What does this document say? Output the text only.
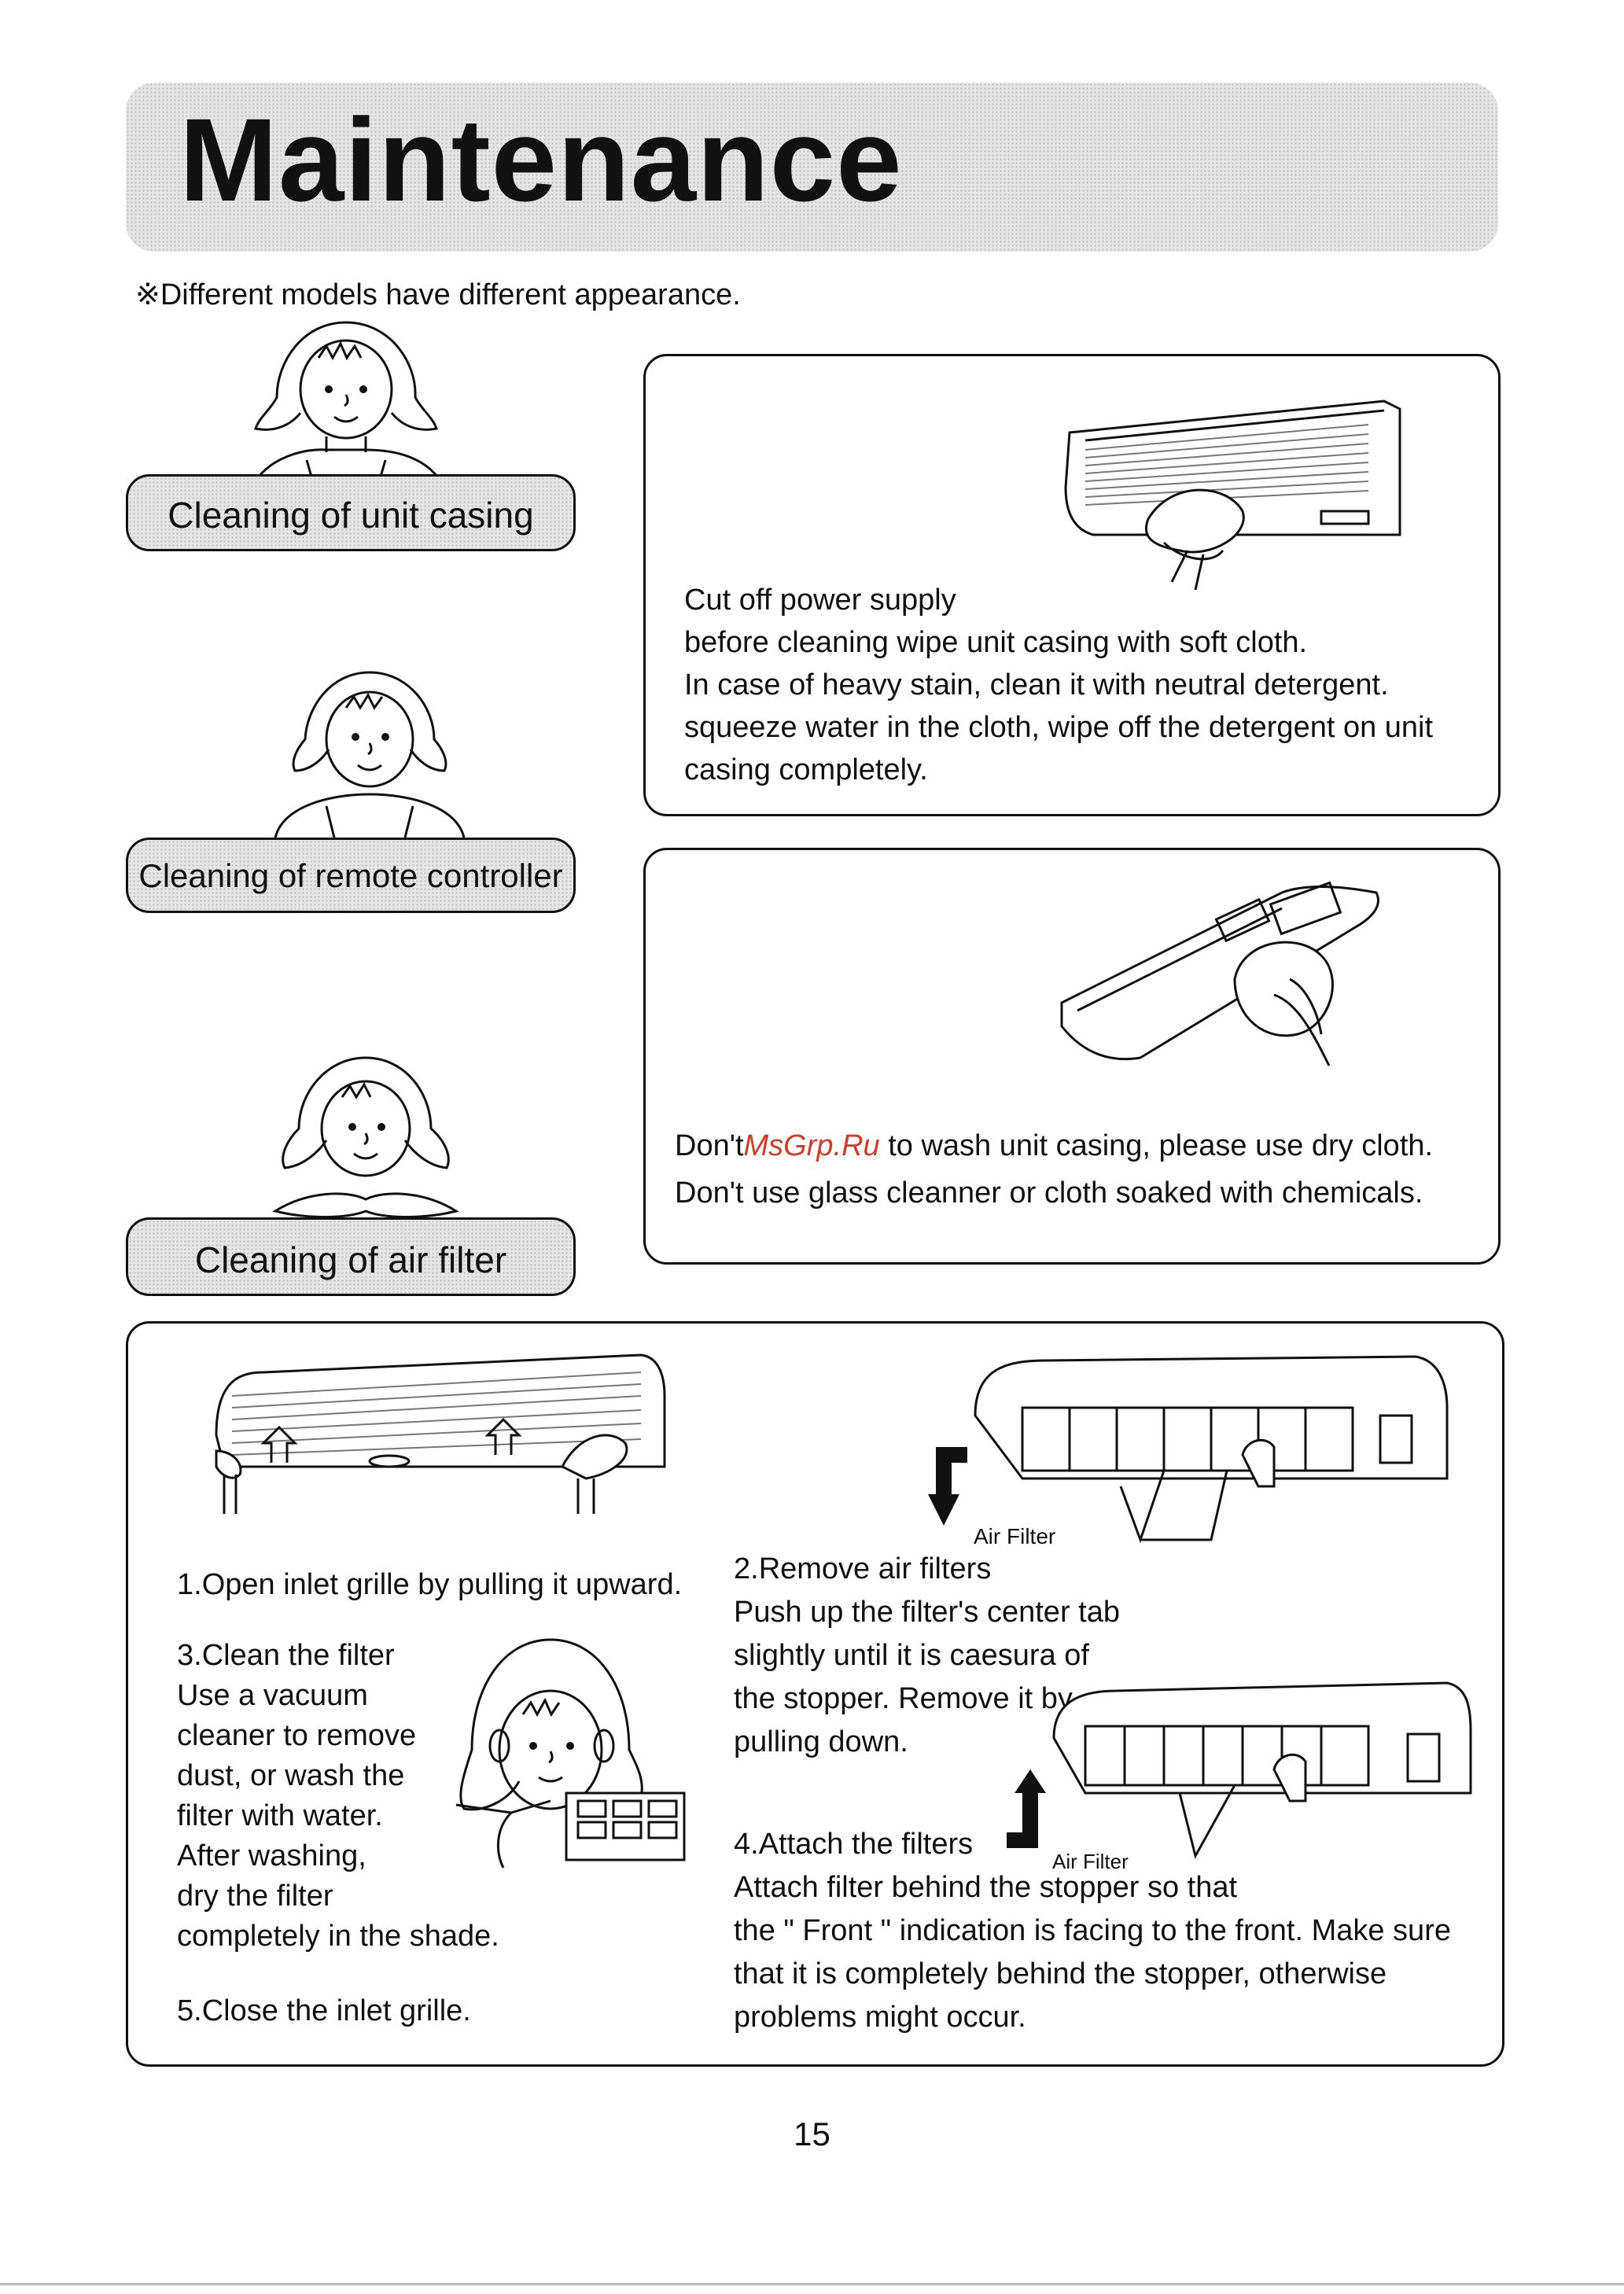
Maintenance
※Different models have different appearance.
Cleaning of unit casing
Cut off power supply
before cleaning wipe unit casing with soft cloth.
In case of heavy stain, clean it with neutral detergent.
squeeze water in the cloth, wipe off the detergent on unit
casing completely.
Cleaning of remote controller
Don'tMsGrp.Ru to wash unit casing, please use dry cloth.
Don't use glass cleanner or cloth soaked with chemicals.
Cleaning of air filter
1.Open inlet grille by pulling it upward.
Air Filter
2.Remove air filters
Push up the filter's center tab
slightly until it is caesura of
the stopper. Remove it by
pulling down.
3.Clean the filter
Use a vacuum
cleaner to remove
dust, or wash the
filter with water.
After washing,
dry the filter
completely in the shade.
Air Filter
4.Attach the filters
Attach filter behind the stopper so that
the " Front " indication is facing to the front. Make sure
that it is completely behind the stopper, otherwise
problems might occur.
5.Close the inlet grille.
15
